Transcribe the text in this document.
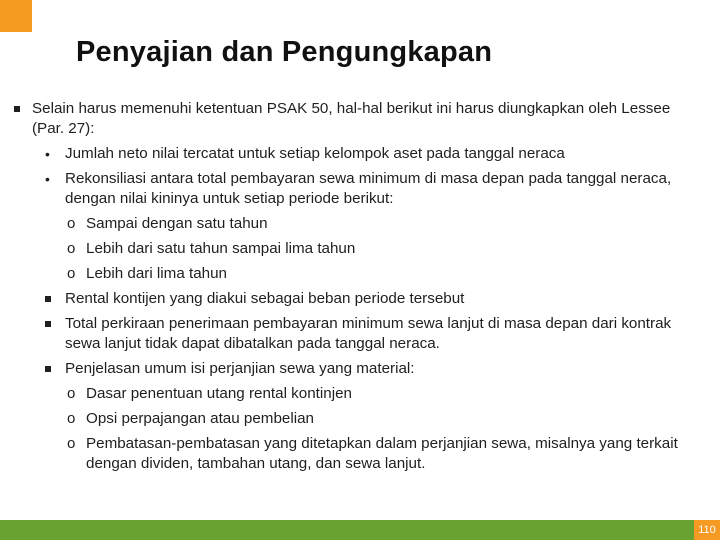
Penyajian dan Pengungkapan
Selain harus memenuhi ketentuan PSAK 50, hal-hal berikut ini harus diungkapkan oleh Lessee (Par. 27):
• Jumlah neto nilai tercatat untuk setiap kelompok aset pada tanggal neraca
• Rekonsiliasi antara total pembayaran sewa minimum di masa depan pada tanggal neraca, dengan nilai kininya untuk setiap periode berikut:
o Sampai dengan satu tahun
o Lebih dari satu tahun sampai lima tahun
o Lebih dari lima tahun
Rental kontijen yang diakui sebagai beban periode tersebut
Total perkiraan penerimaan pembayaran minimum sewa lanjut di masa depan dari kontrak sewa lanjut tidak dapat dibatalkan pada tanggal neraca.
Penjelasan umum isi perjanjian sewa yang material:
o Dasar penentuan utang rental kontinjen
o Opsi perpajangan atau pembelian
o Pembatasan-pembatasan yang ditetapkan dalam perjanjian sewa, misalnya yang terkait dengan dividen, tambahan utang, dan sewa lanjut.
110
